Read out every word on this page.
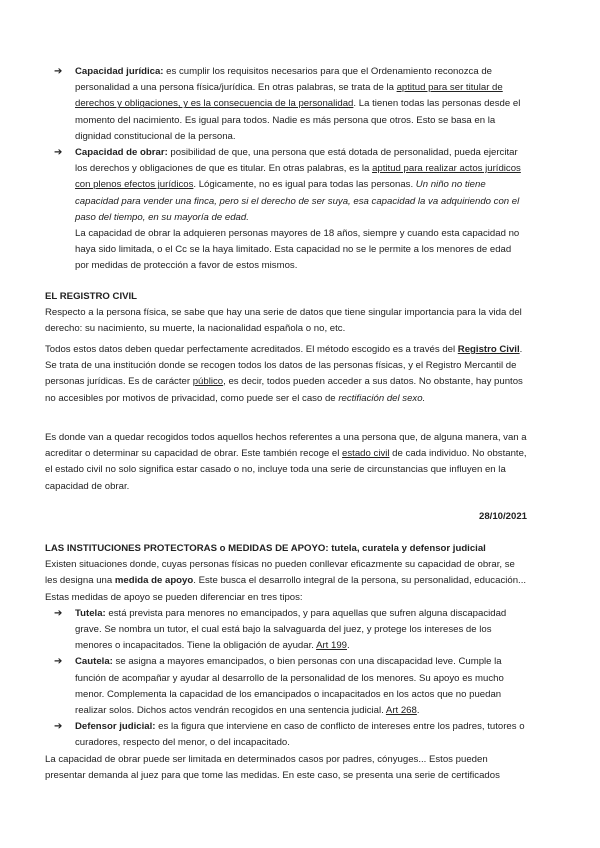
➔ Capacidad jurídica: es cumplir los requisitos necesarios para que el Ordenamiento reconozca de personalidad a una persona física/jurídica. En otras palabras, se trata de la aptitud para ser titular de derechos y obligaciones, y es la consecuencia de la personalidad. La tienen todas las personas desde el momento del nacimiento. Es igual para todos. Nadie es más persona que otros. Esto se basa en la dignidad constitucional de la persona.
➔ Capacidad de obrar: posibilidad de que, una persona que está dotada de personalidad, pueda ejercitar los derechos y obligaciones de que es titular. En otras palabras, es la aptitud para realizar actos jurídicos con plenos efectos jurídicos. Lógicamente, no es igual para todas las personas. Un niño no tiene capacidad para vender una finca, pero si el derecho de ser suya, esa capacidad la va adquiriendo con el paso del tiempo, en su mayoría de edad.

La capacidad de obrar la adquieren personas mayores de 18 años, siempre y cuando esta capacidad no haya sido limitada, o el Cc se la haya limitado. Esta capacidad no se le permite a los menores de edad por medidas de protección a favor de estos mismos.

EL REGISTRO CIVIL

Respecto a la persona física, se sabe que hay una serie de datos que tiene singular importancia para la vida del derecho: su nacimiento, su muerte, la nacionalidad española o no, etc.

Todos estos datos deben quedar perfectamente acreditados. El método escogido es a través del Registro Civil. Se trata de una institución donde se recogen todos los datos de las personas físicas, y el Registro Mercantil de personas jurídicas. Es de carácter público, es decir, todos pueden acceder a sus datos. No obstante, hay puntos no accesibles por motivos de privacidad, como puede ser el caso de rectifiación del sexo.

Es donde van a quedar recogidos todos aquellos hechos referentes a una persona que, de alguna manera, van a acreditar o determinar su capacidad de obrar. Este también recoge el estado civil de cada individuo. No obstante, el estado civil no solo significa estar casado o no, incluye toda una serie de circunstancias que influyen en la capacidad de obrar.

28/10/2021

LAS INSTITUCIONES PROTECTORAS o MEDIDAS DE APOYO: tutela, curatela y defensor judicial

Existen situaciones donde, cuyas personas físicas no pueden conllevar eficazmente su capacidad de obrar, se les designa una medida de apoyo. Este busca el desarrollo integral de la persona, su personalidad, educación... Estas medidas de apoyo se pueden diferenciar en tres tipos:

➔ Tutela: está prevista para menores no emancipados, y para aquellas que sufren alguna discapacidad grave. Se nombra un tutor, el cual está bajo la salvaguarda del juez, y protege los intereses de los menores o incapacitados. Tiene la obligación de ayudar. Art 199.
➔ Cautela: se asigna a mayores emancipados, o bien personas con una discapacidad leve. Cumple la función de acompañar y ayudar al desarrollo de la personalidad de los menores. Su apoyo es mucho menor. Complementa la capacidad de los emancipados o incapacitados en los actos que no puedan realizar solos. Dichos actos vendrán recogidos en una sentencia judicial. Art 268.
➔ Defensor judicial: es la figura que interviene en caso de conflicto de intereses entre los padres, tutores o curadores, respecto del menor, o del incapacitado.

La capacidad de obrar puede ser limitada en determinados casos por padres, cónyuges... Estos pueden presentar demanda al juez para que tome las medidas. En este caso, se presenta una serie de certificados
